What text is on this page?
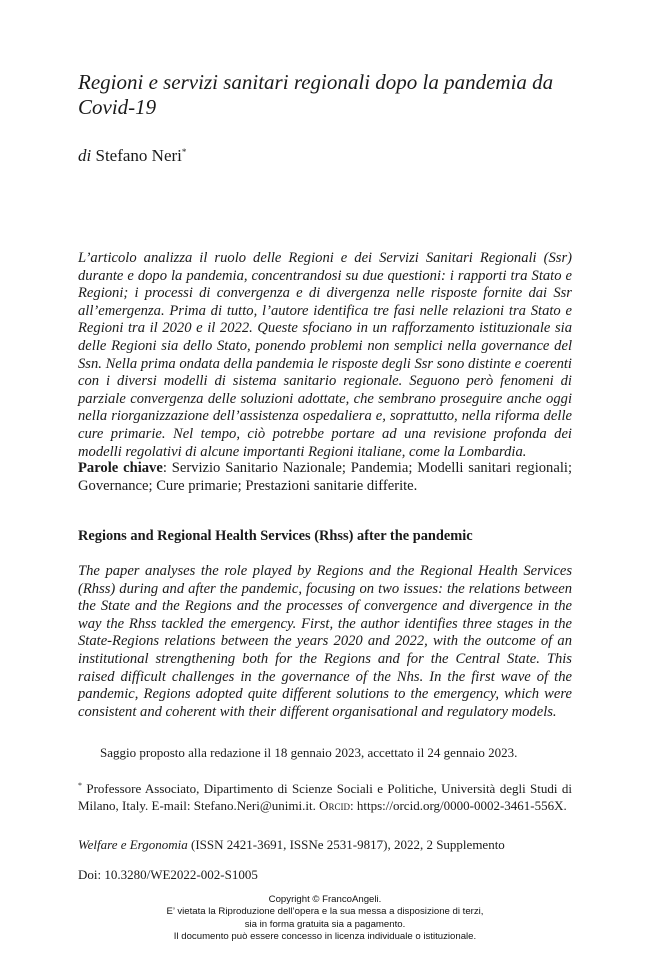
Regioni e servizi sanitari regionali dopo la pandemia da Covid-19
di Stefano Neri*

L’articolo analizza il ruolo delle Regioni e dei Servizi Sanitari Regionali (Ssr) durante e dopo la pandemia, concentrandosi su due questioni: i rapporti tra Stato e Regioni; i processi di convergenza e di divergenza nelle risposte fornite dai Ssr all’emergenza. Prima di tutto, l’autore identifica tre fasi nelle relazioni tra Stato e Regioni tra il 2020 e il 2022. Queste sfociano in un rafforzamento istituzionale sia delle Regioni sia dello Stato, ponendo problemi non semplici nella governance del Ssn. Nella prima ondata della pandemia le risposte degli Ssr sono distinte e coerenti con i diversi modelli di sistema sanitario regionale. Seguono però fenomeni di parziale convergenza delle soluzioni adottate, che sembrano proseguire anche oggi nella riorganizzazione dell’assistenza ospedaliera e, soprattutto, nella riforma delle cure primarie. Nel tempo, ciò potrebbe portare ad una revisione profonda dei modelli regolativi di alcune importanti Regioni italiane, come la Lombardia.

Parole chiave: Servizio Sanitario Nazionale; Pandemia; Modelli sanitari regionali; Governance; Cure primarie; Prestazioni sanitarie differite.

Regions and Regional Health Services (Rhss) after the pandemic

The paper analyses the role played by Regions and the Regional Health Services (Rhss) during and after the pandemic, focusing on two issues: the relations between the State and the Regions and the processes of convergence and divergence in the way the Rhss tackled the emergency. First, the author identifies three stages in the State-Regions relations between the years 2020 and 2022, with the outcome of an institutional strengthening both for the Regions and for the Central State. This raised difficult challenges in the governance of the Nhs. In the first wave of the pandemic, Regions adopted quite different solutions to the emergency, which were consistent and coherent with their different organisational and regulatory models.

Saggio proposto alla redazione il 18 gennaio 2023, accettato il 24 gennaio 2023.

* Professore Associato, Dipartimento di Scienze Sociali e Politiche, Università degli Studi di Milano, Italy. E-mail: Stefano.Neri@unimi.it. Orcid: https://orcid.org/0000-0002-3461-556X.

Welfare e Ergonomia (ISSN 2421-3691, ISSNe 2531-9817), 2022, 2 Supplemento
Doi: 10.3280/WE2022-002-S1005
Copyright © FrancoAngeli.
E’ vietata la Riproduzione dell’opera e la sua messa a disposizione di terzi,
sia in forma gratuita sia a pagamento.
Il documento può essere concesso in licenza individuale o istituzionale.
